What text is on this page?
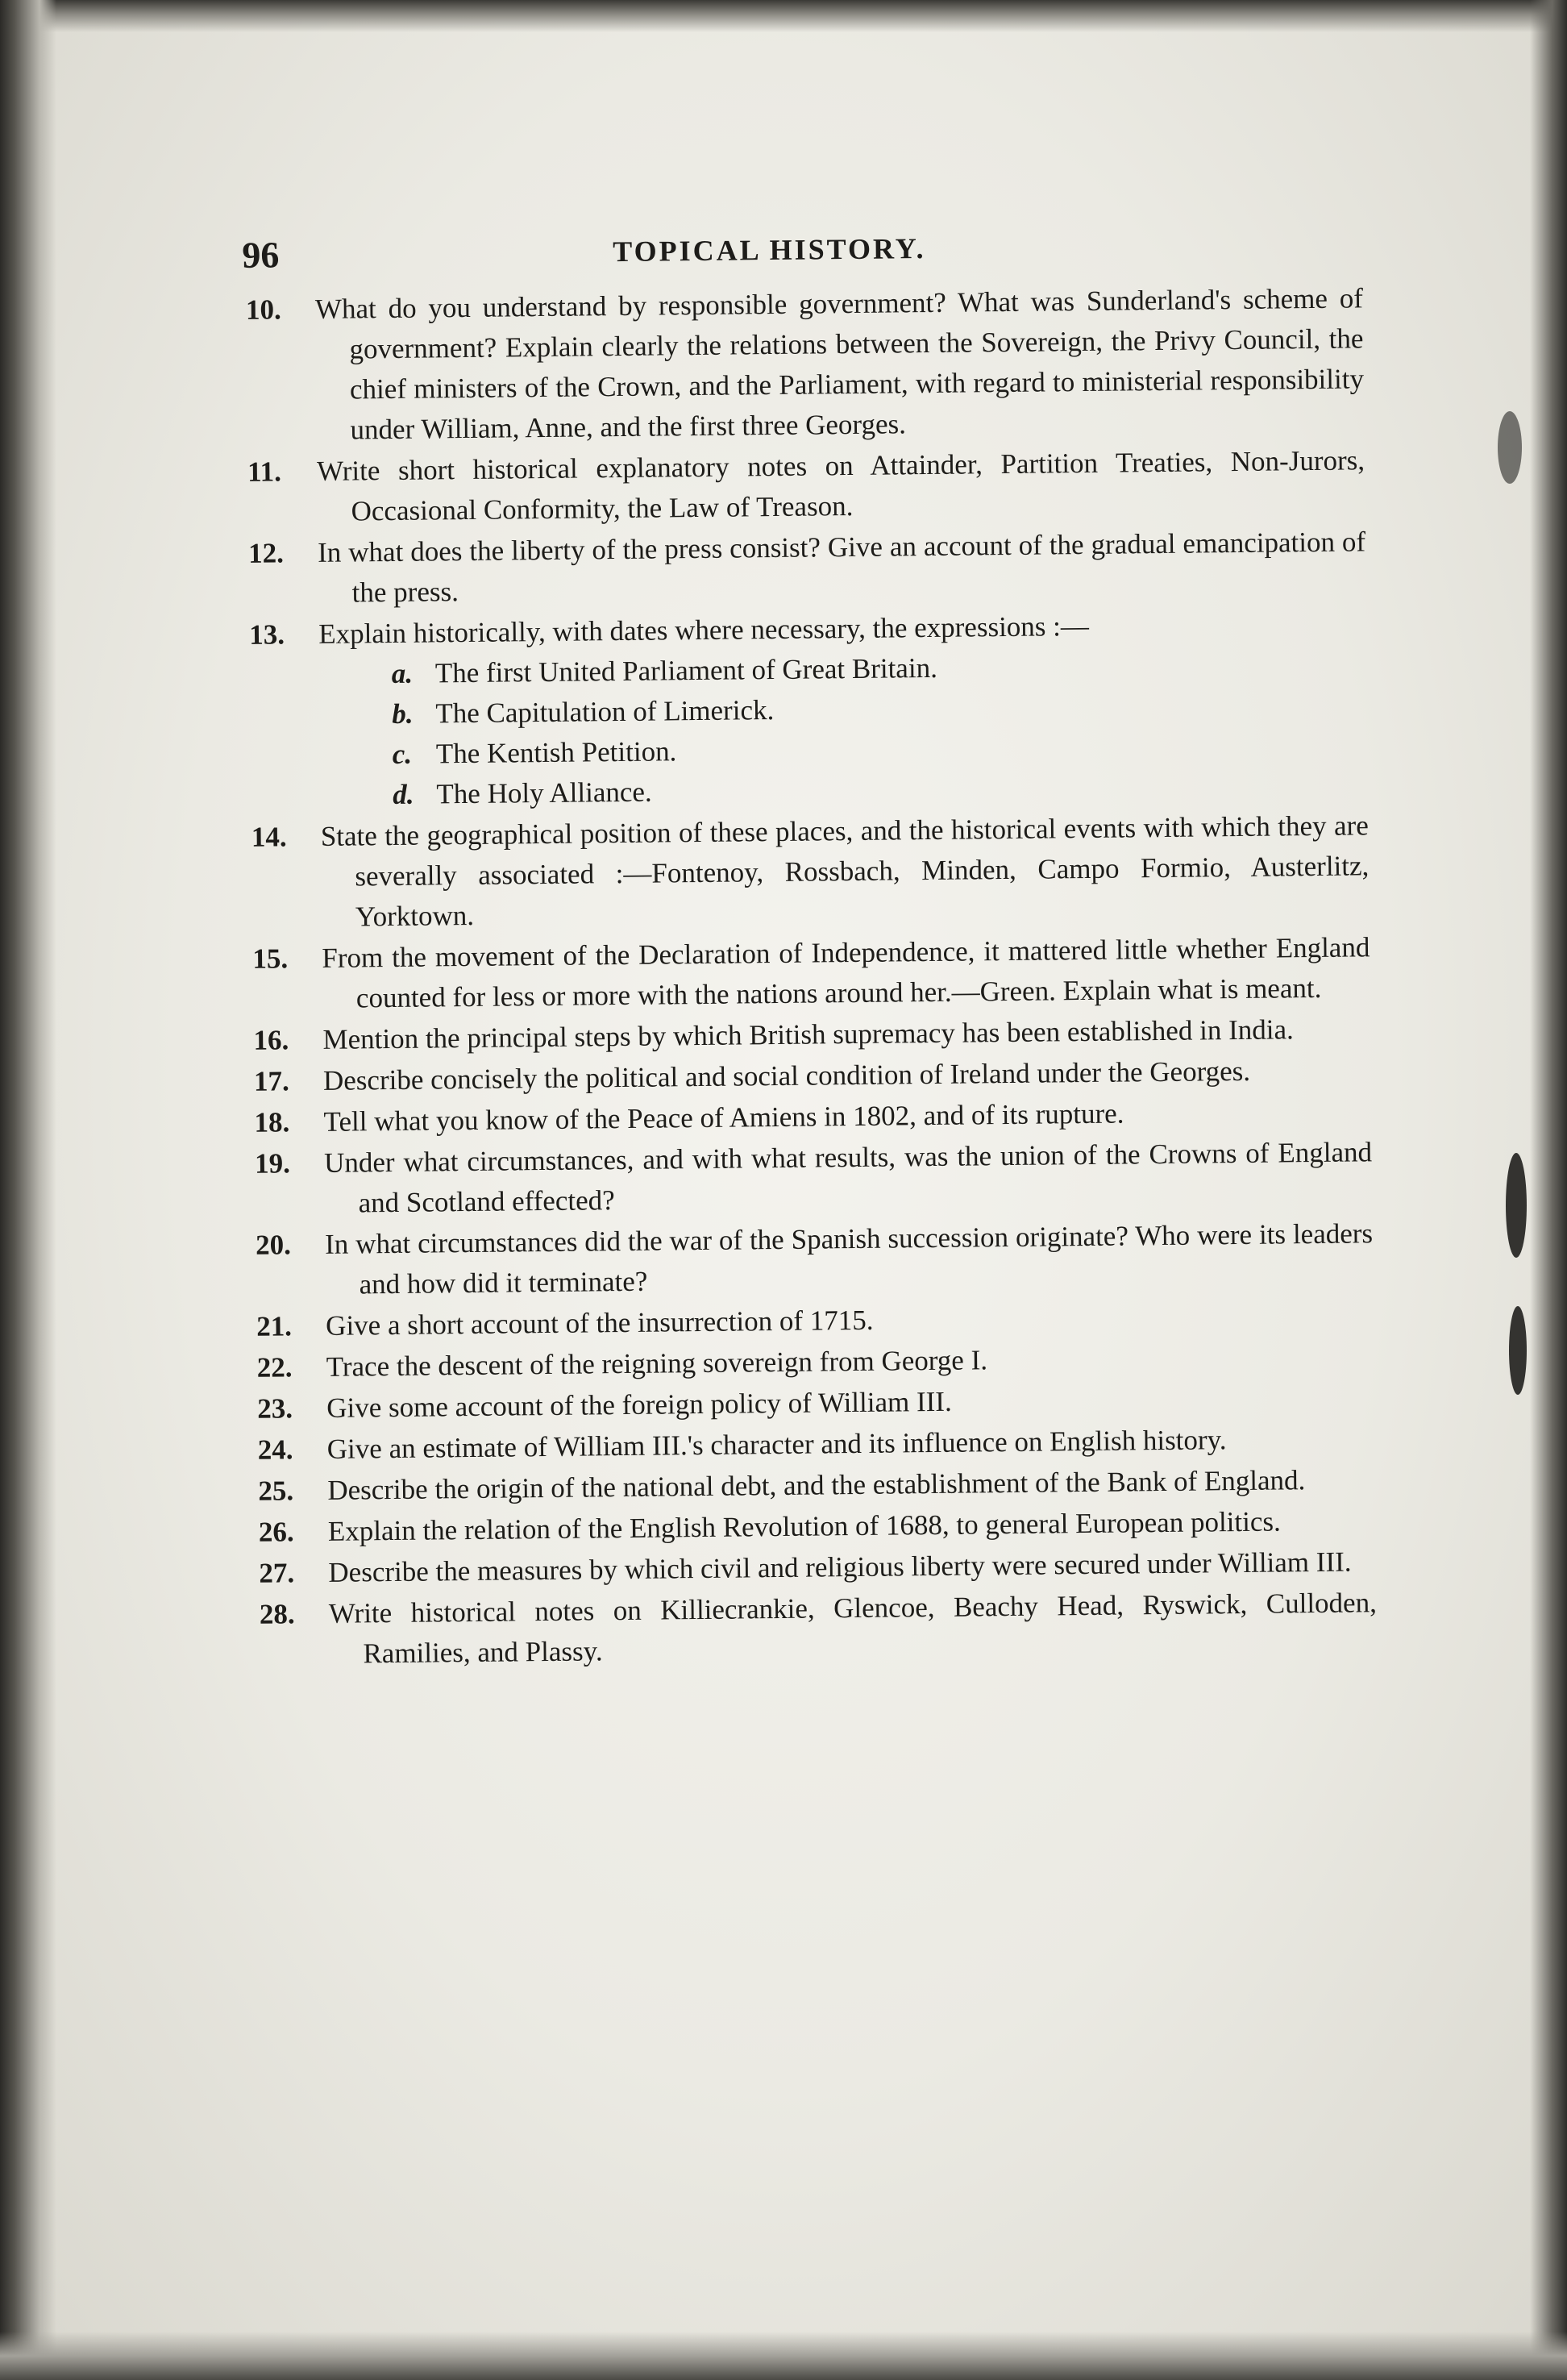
96	TOPICAL HISTORY.
10.	What do you understand by responsible government? What was Sunderland's scheme of government? Explain clearly the relations between the Sovereign, the Privy Council, the chief ministers of the Crown, and the Parliament, with regard to ministerial responsibility under William, Anne, and the first three Georges.
11.	Write short historical explanatory notes on Attainder, Partition Treaties, Non-Jurors, Occasional Conformity, the Law of Treason.
12.	In what does the liberty of the press consist? Give an account of the gradual emancipation of the press.
13.	Explain historically, with dates where necessary, the expressions :—
a. The first United Parliament of Great Britain.
b. The Capitulation of Limerick.
c. The Kentish Petition.
d. The Holy Alliance.
14.	State the geographical position of these places, and the historical events with which they are severally associated :—Fontenoy, Rossbach, Minden, Campo Formio, Austerlitz, Yorktown.
15.	From the movement of the Declaration of Independence, it mattered little whether England counted for less or more with the nations around her.—Green. Explain what is meant.
16.	Mention the principal steps by which British supremacy has been established in India.
17.	Describe concisely the political and social condition of Ireland under the Georges.
18.	Tell what you know of the Peace of Amiens in 1802, and of its rupture.
19.	Under what circumstances, and with what results, was the union of the Crowns of England and Scotland effected?
20.	In what circumstances did the war of the Spanish succession originate? Who were its leaders and how did it terminate?
21.	Give a short account of the insurrection of 1715.
22.	Trace the descent of the reigning sovereign from George I.
23.	Give some account of the foreign policy of William III.
24.	Give an estimate of William III.'s character and its influence on English history.
25.	Describe the origin of the national debt, and the establishment of the Bank of England.
26.	Explain the relation of the English Revolution of 1688, to general European politics.
27.	Describe the measures by which civil and religious liberty were secured under William III.
28.	Write historical notes on Killiecrankie, Glencoe, Beachy Head, Ryswick, Culloden, Ramilies, and Plassy.
